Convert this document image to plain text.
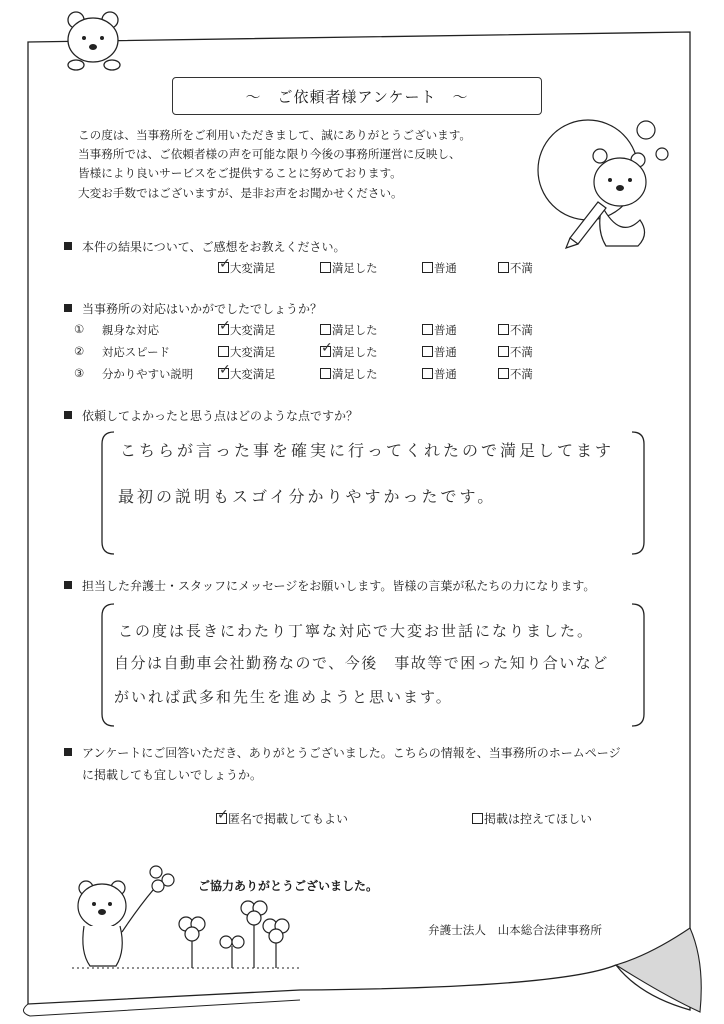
～　ご依頼者様アンケート　～
この度は、当事務所をご利用いただきまして、誠にありがとうございます。
当事務所では、ご依頼者様の声を可能な限り今後の事務所運営に反映し、
皆様により良いサービスをご提供することに努めております。
大変お手数ではございますが、是非お声をお聞かせください。
本件の結果について、ご感想をお教えください。
✓大変満足	満足した	普通	不満
当事務所の対応はいかがでしたでしょうか？
① 親身な対応 ✓	大変満足	満足した	普通	不満
② 対応スピード	大変満足 ✓	満足した	普通	不満
③ 分かりやすい説明 ✓	大変満足	満足した	普通	不満
依頼してよかったと思う点はどのような点ですか？
こちらが言った事を確実に行ってくれたので満足してます
最初の説明もスゴイ分かりやすかったです。
担当した弁護士・スタッフにメッセージをお願いします。皆様の言葉が私たちの力になります。
この度は長きにわたり丁寧な対応で大変お世話になりました。
自分は自動車会社勤務なので、今後　事故等で困った知り合いなど
がいれば武多和先生を進めようと思います。
アンケートにご回答いただき、ありがとうございました。こちらの情報を、当事務所のホームページ
に掲載しても宜しいでしょうか。
✓匿名で掲載してもよい	掲載は控えてほしい
ご協力ありがとうございました。
弁護士法人　山本総合法律事務所
